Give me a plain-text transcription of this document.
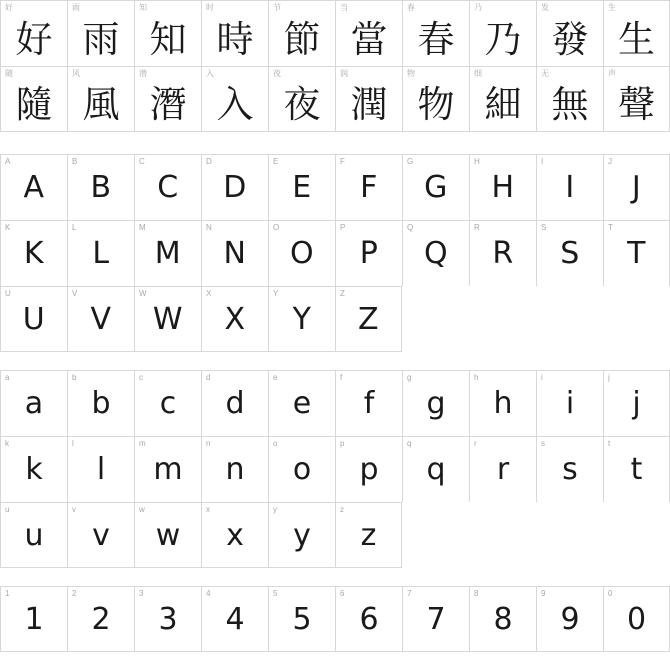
好
好
雨
雨
知
知
时
時
节
節
当
當
春
春
乃
乃
发
發
生
生
随
隨
风
風
潜
潛
入
入
夜
夜
润
潤
物
物
细
細
无
無
声
聲
A
A
B
B
C
C
D
D
E
E
F
F
G
G
H
H
I
I
J
J
K
K
L
L
M
M
N
N
O
O
P
P
Q
Q
R
R
S
S
T
T
U
U
V
V
W
W
X
X
Y
Y
Z
Z
a
a
b
b
c
c
d
d
e
e
f
f
g
g
h
h
i
i
j
j
k
k
l
l
m
m
n
n
o
o
p
p
q
q
r
r
s
s
t
t
u
u
v
v
w
w
x
x
y
y
z
z
1
1
2
2
3
3
4
4
5
5
6
6
7
7
8
8
9
9
0
0
